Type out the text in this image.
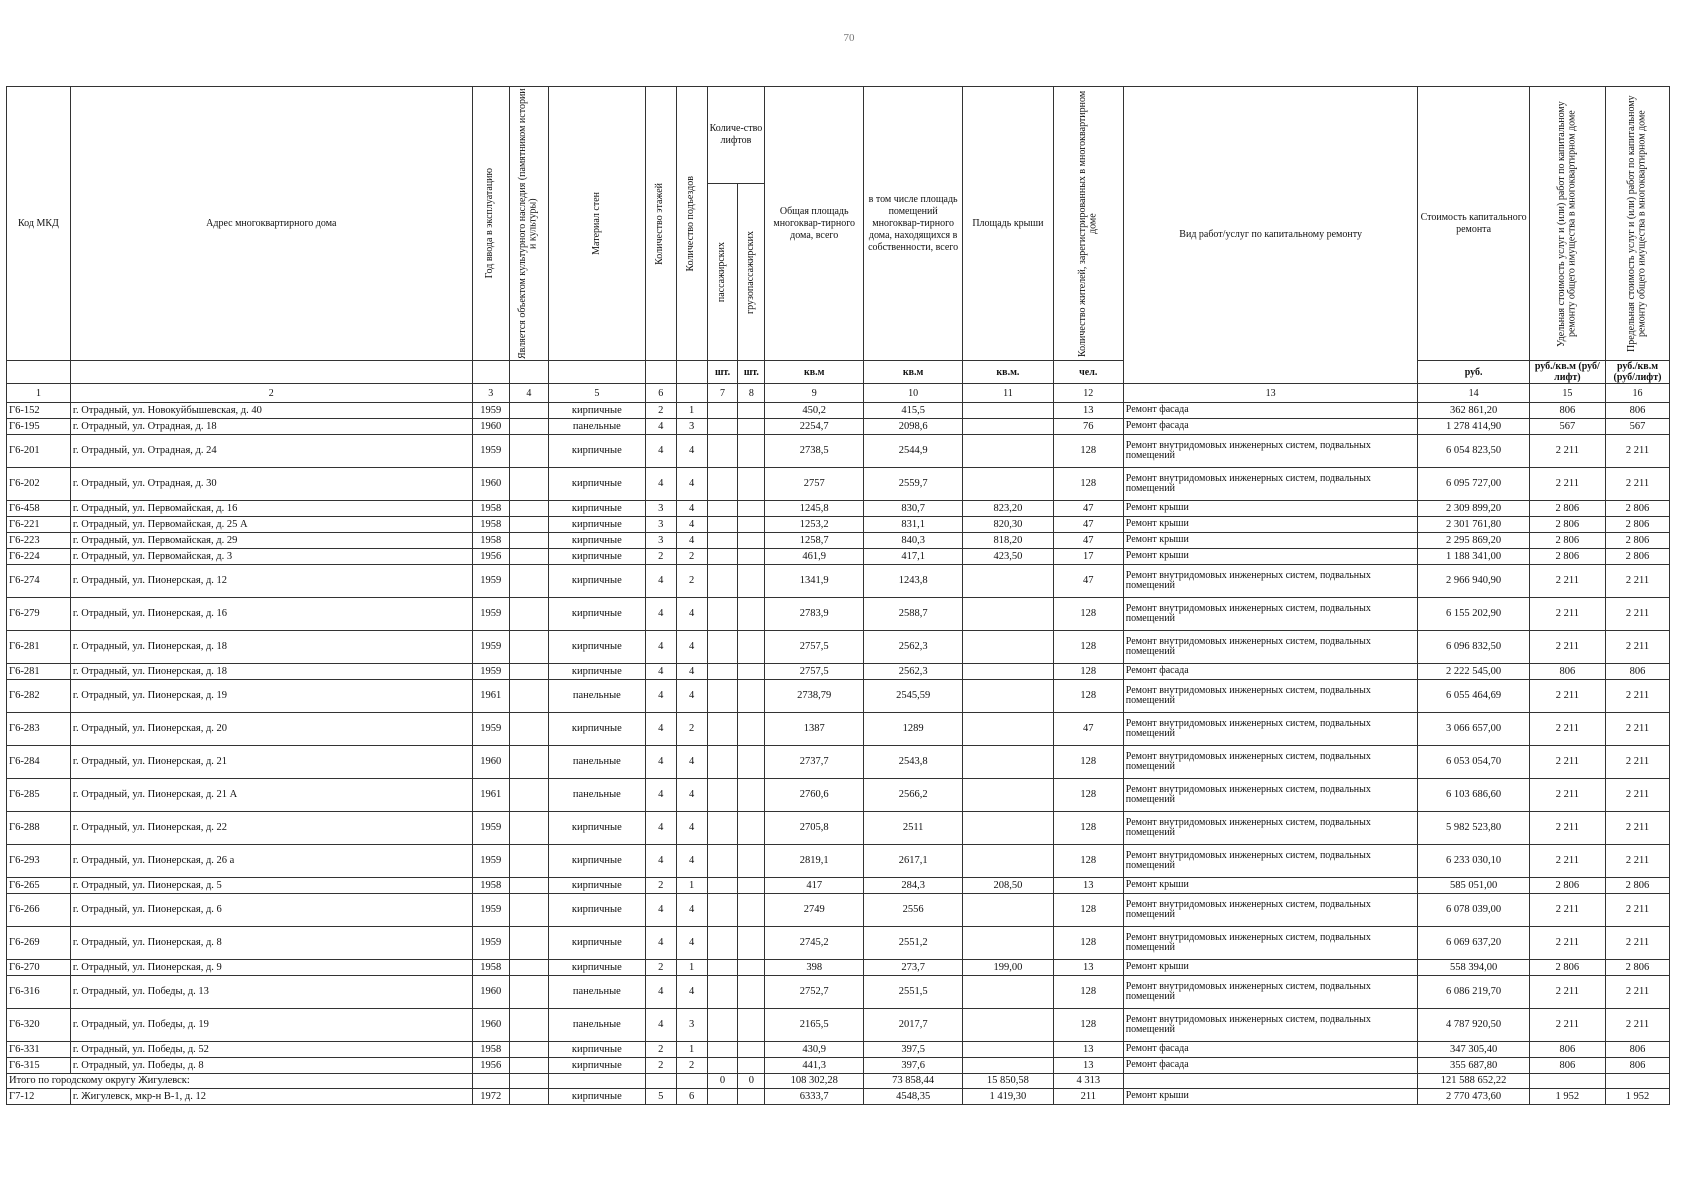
70
Код МКД	Адрес многоквартирного дома	Год ввода в эксплуатацию	Является объектом культурного наследия (памятником истории и культуры)	Материал стен	Количество этажей	Количество подъездов	Количе-ство лифтов		Общая площадь многоквар-тирного дома, всего	в том числе площадь помещений многоквар-тирного дома, находящихся в собственности, всего	Площадь крыши	Количество жителей, зарегистрированных в многоквартирном доме	Вид работ/услуг по капитальному ремонту	Стоимость капитального ремонта	Удельная стоимость услуг и (или) работ по капитальному ремонту общего имущества в многоквартирном доме	Предельная стоимость услуг и (или) работ по капитальному ремонту общего имущества в многоквартирном доме

							пассажирских	грузопассажирских								

							шт.	шт.	кв.м	кв.м	кв.м.	чел.		руб.	руб./кв.м (руб/лифт)	руб./кв.м (руб/лифт)
1	2	3	4	5	6		7	8	9	10	11	12	13	14	15	16
Г6-152	г. Отрадный, ул. Новокуйбышевская, д. 40	1959		кирпичные	2	1			450,2	415,5		13	Ремонт фасада	362 861,20	806	806
Г6-195	г. Отрадный, ул. Отрадная, д. 18	1960		панельные	4	3			2254,7	2098,6		76	Ремонт фасада	1 278 414,90	567	567
Г6-201	г. Отрадный, ул. Отрадная, д. 24	1959		кирпичные	4	4			2738,5	2544,9		128	Ремонт внутридомовых инженерных систем, подвальных помещений	6 054 823,50	2 211	2 211
Г6-202	г. Отрадный, ул. Отрадная, д. 30	1960		кирпичные	4	4			2757	2559,7		128	Ремонт внутридомовых инженерных систем, подвальных помещений	6 095 727,00	2 211	2 211
Г6-458	г. Отрадный, ул. Первомайская, д. 16	1958		кирпичные	3	4			1245,8	830,7	823,20	47	Ремонт крыши	2 309 899,20	2 806	2 806
Г6-221	г. Отрадный, ул. Первомайская, д. 25 А	1958		кирпичные	3	4			1253,2	831,1	820,30	47	Ремонт крыши	2 301 761,80	2 806	2 806
Г6-223	г. Отрадный, ул. Первомайская, д. 29	1958		кирпичные	3	4			1258,7	840,3	818,20	47	Ремонт крыши	2 295 869,20	2 806	2 806
Г6-224	г. Отрадный, ул. Первомайская, д. 3	1956		кирпичные	2	2			461,9	417,1	423,50	17	Ремонт крыши	1 188 341,00	2 806	2 806
Г6-274	г. Отрадный, ул. Пионерская, д. 12	1959		кирпичные	4	2			1341,9	1243,8		47	Ремонт внутридомовых инженерных систем, подвальных помещений	2 966 940,90	2 211	2 211
Г6-279	г. Отрадный, ул. Пионерская, д. 16	1959		кирпичные	4	4			2783,9	2588,7		128	Ремонт внутридомовых инженерных систем, подвальных помещений	6 155 202,90	2 211	2 211
Г6-281	г. Отрадный, ул. Пионерская, д. 18	1959		кирпичные	4	4			2757,5	2562,3		128	Ремонт внутридомовых инженерных систем, подвальных помещений	6 096 832,50	2 211	2 211
Г6-281	г. Отрадный, ул. Пионерская, д. 18	1959		кирпичные	4	4			2757,5	2562,3		128	Ремонт фасада	2 222 545,00	806	806
Г6-282	г. Отрадный, ул. Пионерская, д. 19	1961		панельные	4	4			2738,79	2545,59		128	Ремонт внутридомовых инженерных систем, подвальных помещений	6 055 464,69	2 211	2 211
Г6-283	г. Отрадный, ул. Пионерская, д. 20	1959		кирпичные	4	2			1387	1289		47	Ремонт внутридомовых инженерных систем, подвальных помещений	3 066 657,00	2 211	2 211
Г6-284	г. Отрадный, ул. Пионерская, д. 21	1960		панельные	4	4			2737,7	2543,8		128	Ремонт внутридомовых инженерных систем, подвальных помещений	6 053 054,70	2 211	2 211
Г6-285	г. Отрадный, ул. Пионерская, д. 21 А	1961		панельные	4	4			2760,6	2566,2		128	Ремонт внутридомовых инженерных систем, подвальных помещений	6 103 686,60	2 211	2 211
Г6-288	г. Отрадный, ул. Пионерская, д. 22	1959		кирпичные	4	4			2705,8	2511		128	Ремонт внутридомовых инженерных систем, подвальных помещений	5 982 523,80	2 211	2 211
Г6-293	г. Отрадный, ул. Пионерская, д. 26 а	1959		кирпичные	4	4			2819,1	2617,1		128	Ремонт внутридомовых инженерных систем, подвальных помещений	6 233 030,10	2 211	2 211
Г6-265	г. Отрадный, ул. Пионерская, д. 5	1958		кирпичные	2	1			417	284,3	208,50	13	Ремонт крыши	585 051,00	2 806	2 806
Г6-266	г. Отрадный, ул. Пионерская, д. 6	1959		кирпичные	4	4			2749	2556		128	Ремонт внутридомовых инженерных систем, подвальных помещений	6 078 039,00	2 211	2 211
Г6-269	г. Отрадный, ул. Пионерская, д. 8	1959		кирпичные	4	4			2745,2	2551,2		128	Ремонт внутридомовых инженерных систем, подвальных помещений	6 069 637,20	2 211	2 211
Г6-270	г. Отрадный, ул. Пионерская, д. 9	1958		кирпичные	2	1			398	273,7	199,00	13	Ремонт крыши	558 394,00	2 806	2 806
Г6-316	г. Отрадный, ул. Победы, д. 13	1960		панельные	4	4			2752,7	2551,5		128	Ремонт внутридомовых инженерных систем, подвальных помещений	6 086 219,70	2 211	2 211
Г6-320	г. Отрадный, ул. Победы, д. 19	1960		панельные	4	3			2165,5	2017,7		128	Ремонт внутридомовых инженерных систем, подвальных помещений	4 787 920,50	2 211	2 211
Г6-331	г. Отрадный, ул. Победы, д. 52	1958		кирпичные	2	1			430,9	397,5		13	Ремонт фасада	347 305,40	806	806
Г6-315	г. Отрадный, ул. Победы, д. 8	1956		кирпичные	2	2			441,3	397,6		13	Ремонт фасада	355 687,80	806	806
Итого по городскому округу Жигулевск:							0	0	108 302,28	73 858,44	15 850,58	4 313		121 588 652,22		
Г7-12	г. Жигулевск, мкр-н В-1, д. 12	1972		кирпичные	5	6			6333,7	4548,35	1 419,30	211	Ремонт крыши	2 770 473,60	1 952	1 952
